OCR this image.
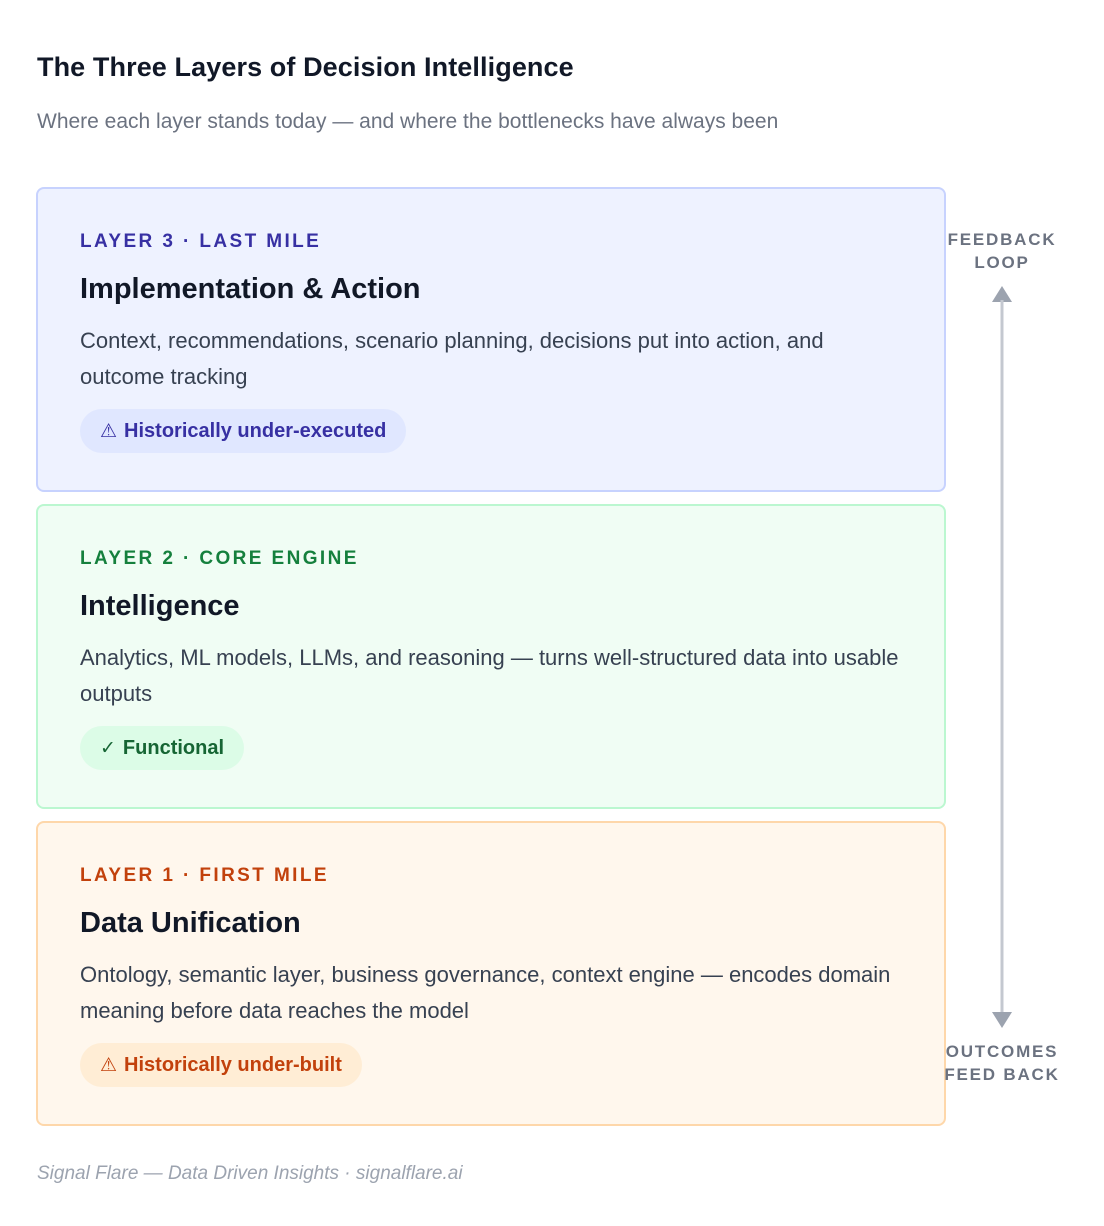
The Three Layers of Decision Intelligence
Where each layer stands today — and where the bottlenecks have always been
LAYER 3 · LAST MILE
Implementation & Action
Context, recommendations, scenario planning, decisions put into action, and outcome tracking
⚠ Historically under-executed
LAYER 2 · CORE ENGINE
Intelligence
Analytics, ML models, LLMs, and reasoning — turns well-structured data into usable outputs
✓ Functional
LAYER 1 · FIRST MILE
Data Unification
Ontology, semantic layer, business governance, context engine — encodes domain meaning before data reaches the model
⚠ Historically under-built
FEEDBACK
LOOP
OUTCOMES
FEED BACK
Signal Flare — Data Driven Insights · signalflare.ai
